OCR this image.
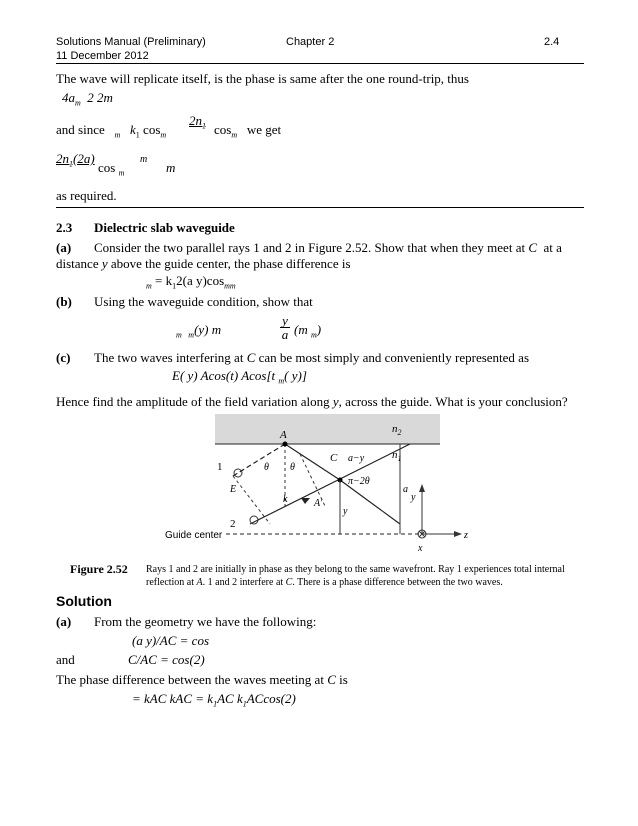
Solutions Manual (Preliminary)
11 December 2012
Chapter 2	2.4
The wave will replicate itself, is the phase is same after the one round-trip, thus
$4a_m$ 2 2m
and since $_m$ $k_1$ $\cos_m$
$2n_1$ $\cos_m$ we get
$2n_1(2a)$
cos $_m$
m
m
as required.
2.3 Dielectric slab waveguide
(a) Consider the two parallel rays 1 and 2 in Figure 2.52. Show that when they meet at C at a
distance y above the guide center, the phase difference is
$_m = k_12(a$ $y)\cos_{mm}$
(b) Using the waveguide condition, show that
$_m$ $_m$(y) m
y
a (m $_m$)
(c) The two waves interfering at C can be most simply and conveniently represented as
E( y) Acos(t) Acos[t $_m$( y)]
Hence find the amplitude of the field variation along y, across the guide. What is your conclusion?
A	$n_2$
$n_1$
C a−y
π−2θ
θ θ
1
2
E
k	A′
a
y
y
z
x
Guide center
Figure 2.52 Rays 1 and 2 are initially in phase as they belong to the same wavefront. Ray 1 experiences total internal
reflection at A. 1 and 2 interfere at C. There is a phase difference between the two waves.
Solution
(a) From the geometry we have the following:
(a y)/AC = cos
and	C/AC = cos(2)
The phase difference between the waves meeting at C is
= kAC kAC = $k_1AC$ $k_1ACcos(2)$
